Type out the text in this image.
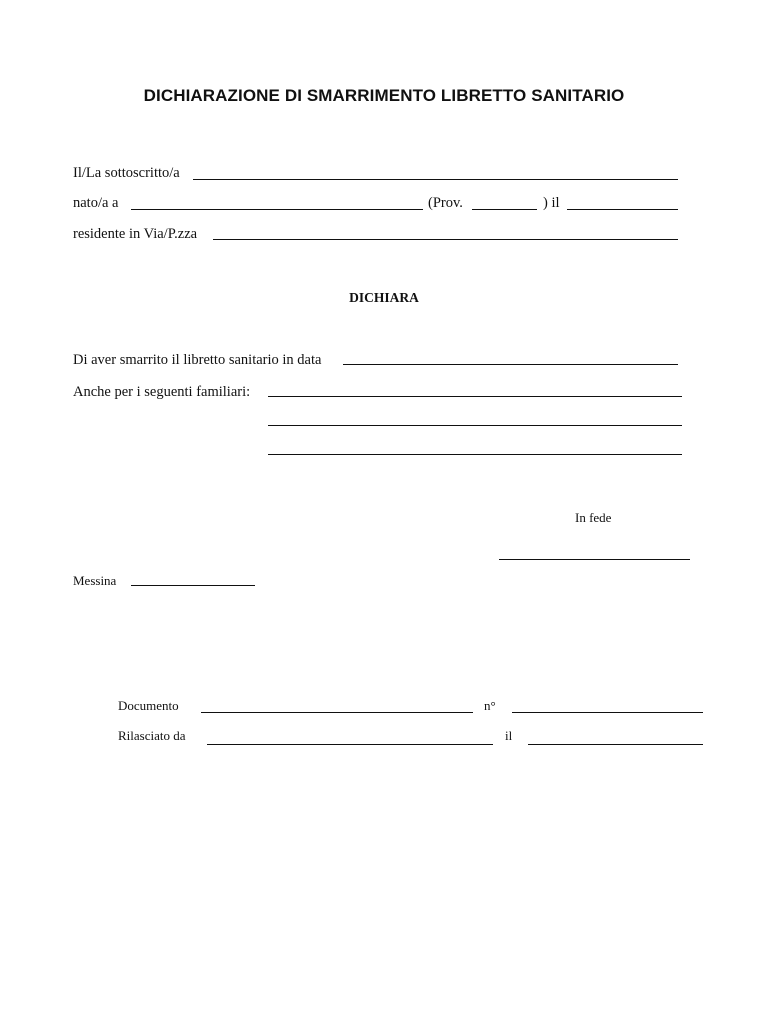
DICHIARAZIONE DI SMARRIMENTO LIBRETTO SANITARIO
Il/La sottoscritto/a
nato/a a	(Prov.	) il
residente in Via/P.zza
DICHIARA
Di aver smarrito il libretto sanitario in data
Anche per i seguenti familiari:
In fede
Messina
Documento	n°
Rilasciato da	il
